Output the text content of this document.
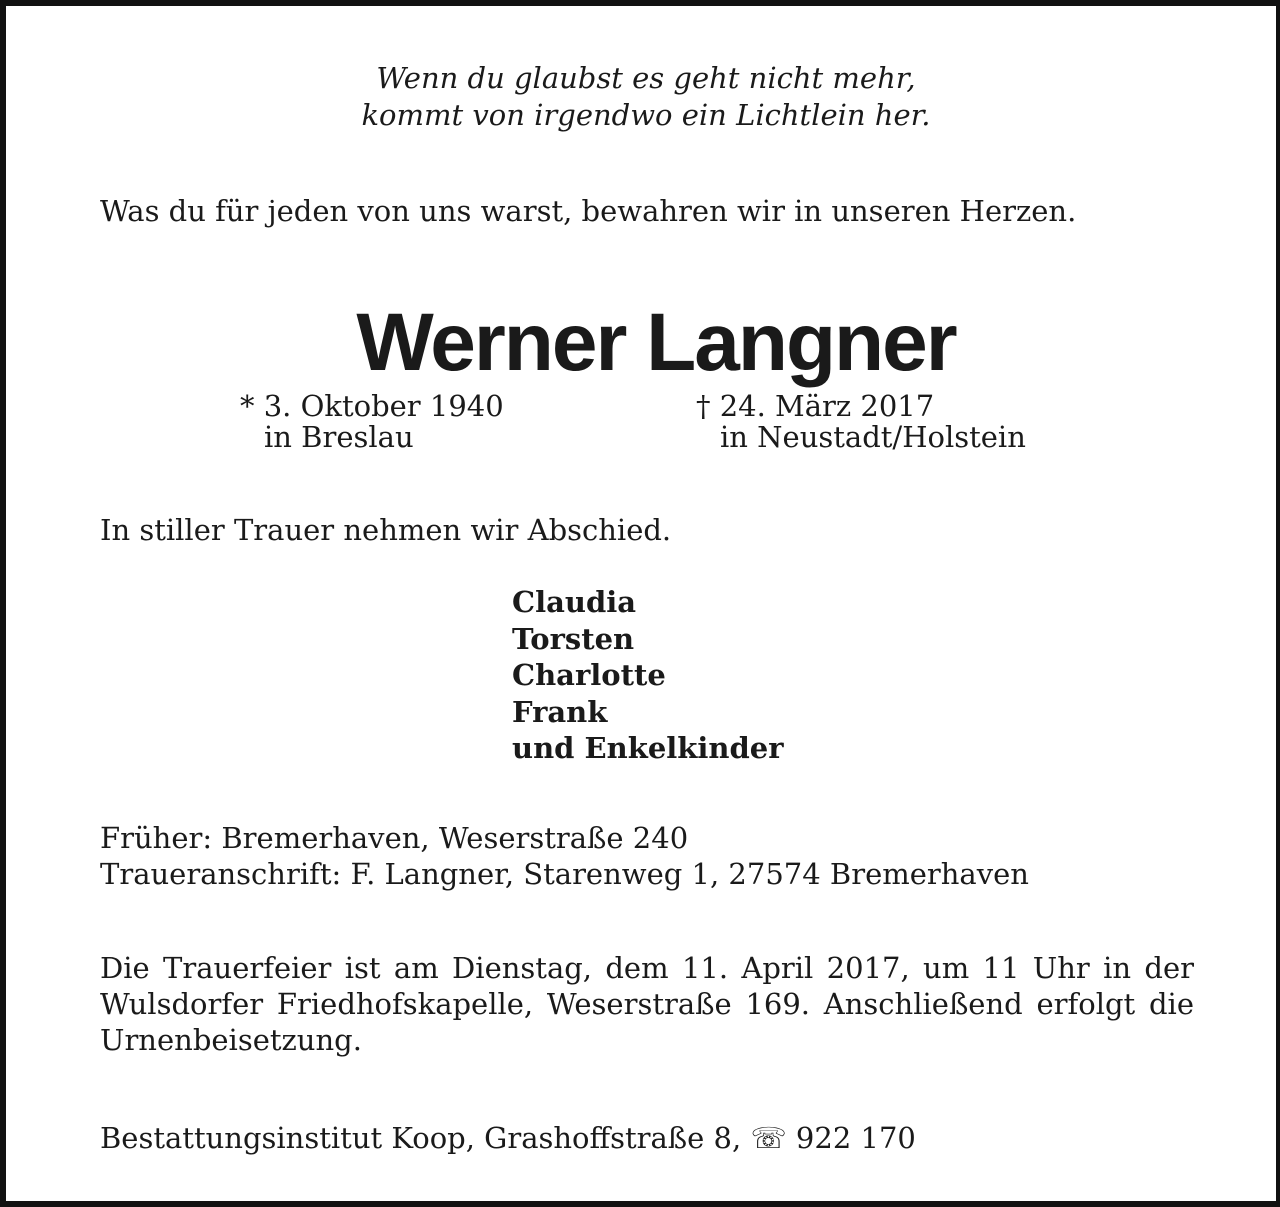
Wenn du glaubst es geht nicht mehr,
kommt von irgendwo ein Lichtlein her.
Was du für jeden von uns warst, bewahren wir in unseren Herzen.
Werner Langner
* 3. Oktober 1940
in Breslau
† 24. März 2017
in Neustadt/Holstein
In stiller Trauer nehmen wir Abschied.
Claudia
Torsten
Charlotte
Frank
und Enkelkinder
Früher: Bremerhaven, Weserstraße 240
Traueranschrift: F. Langner, Starenweg 1, 27574 Bremerhaven
Die Trauerfeier ist am Dienstag, dem 11. April 2017, um 11 Uhr in der Wulsdorfer Friedhofskapelle, Weserstraße 169. Anschließend erfolgt die Urnenbeisetzung.
Bestattungsinstitut Koop, Grashoffstraße 8, ☏ 922 170
